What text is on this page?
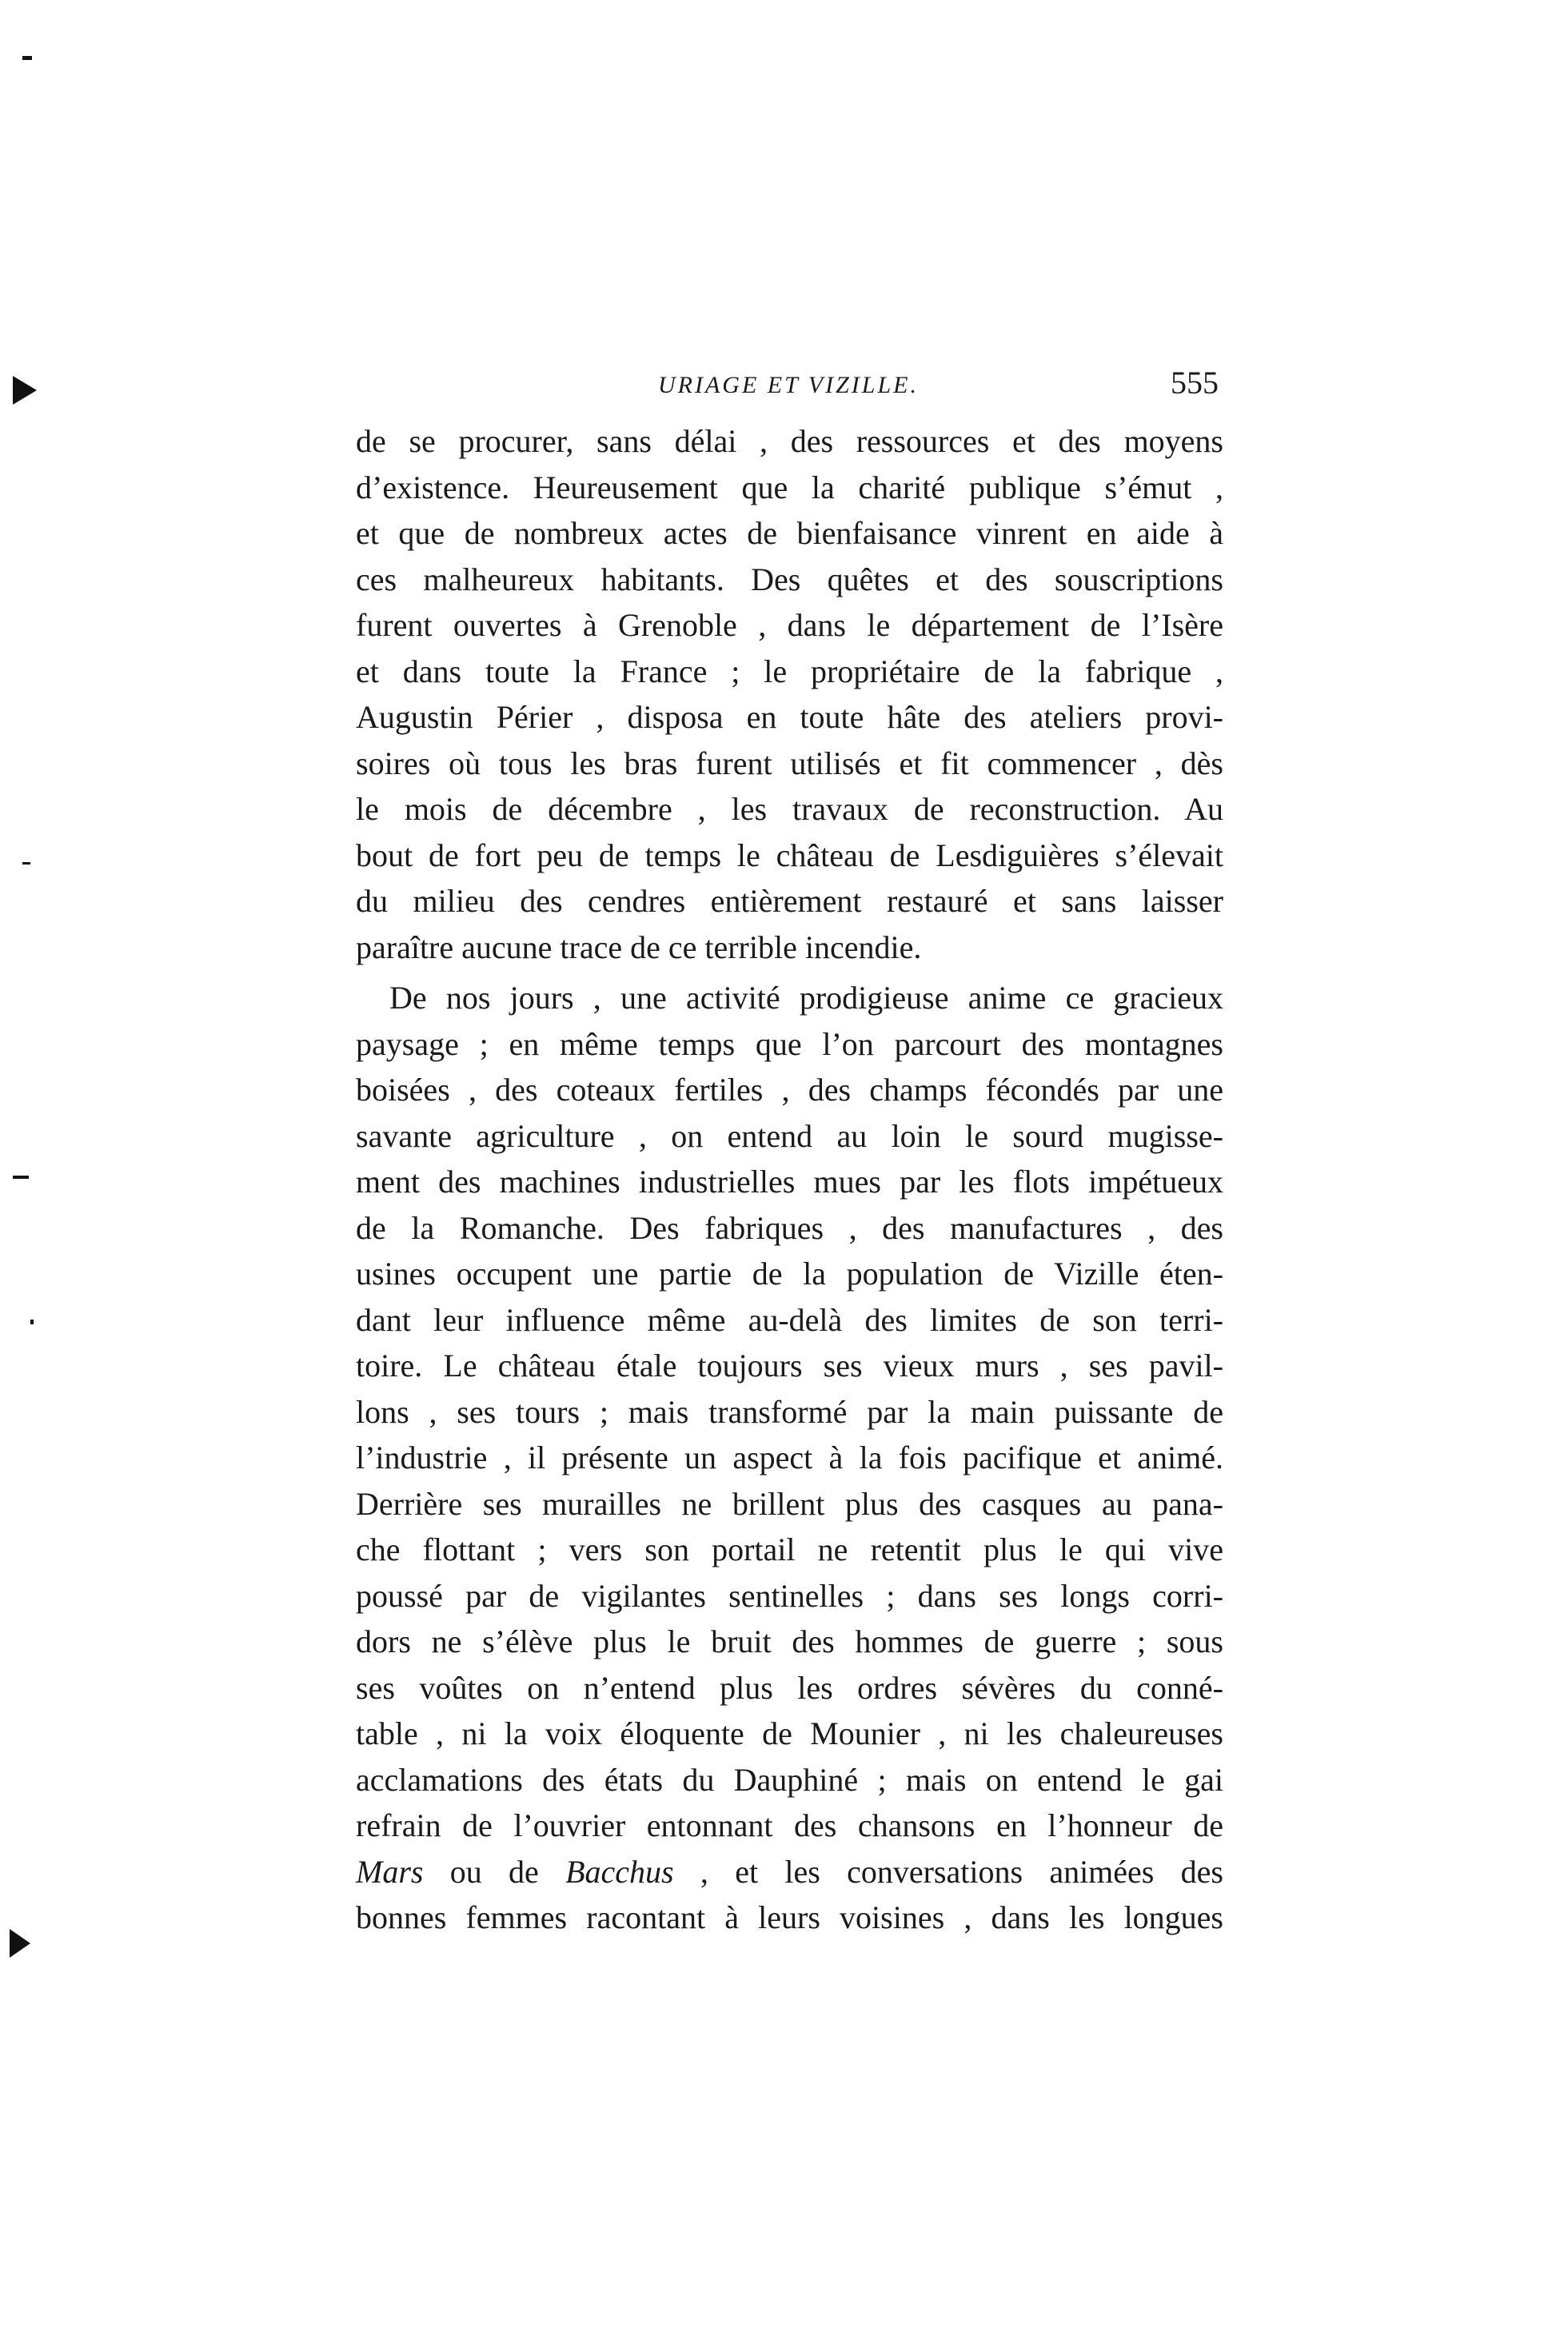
URIAGE ET VIZILLE.	555
de se procurer, sans délai , des ressources et des moyens
d’existence. Heureusement que la charité publique s’émut ,
et que de nombreux actes de bienfaisance vinrent en aide à
ces malheureux habitants. Des quêtes et des souscriptions
furent ouvertes à Grenoble , dans le département de l’Isère
et dans toute la France ; le propriétaire de la fabrique ,
Augustin Périer , disposa en toute hâte des ateliers provi-
soires où tous les bras furent utilisés et fit commencer , dès
le mois de décembre , les travaux de reconstruction. Au
bout de fort peu de temps le château de Lesdiguières s’élevait
du milieu des cendres entièrement restauré et sans laisser
paraître aucune trace de ce terrible incendie.
De nos jours , une activité prodigieuse anime ce gracieux
paysage ; en même temps que l’on parcourt des montagnes
boisées , des coteaux fertiles , des champs fécondés par une
savante agriculture , on entend au loin le sourd mugisse-
ment des machines industrielles mues par les flots impétueux
de la Romanche. Des fabriques , des manufactures , des
usines occupent une partie de la population de Vizille éten-
dant leur influence même au-delà des limites de son terri-
toire. Le château étale toujours ses vieux murs , ses pavil-
lons , ses tours ; mais transformé par la main puissante de
l’industrie , il présente un aspect à la fois pacifique et animé.
Derrière ses murailles ne brillent plus des casques au pana-
che flottant ; vers son portail ne retentit plus le qui vive
poussé par de vigilantes sentinelles ; dans ses longs corri-
dors ne s’élève plus le bruit des hommes de guerre ; sous
ses voûtes on n’entend plus les ordres sévères du conné-
table , ni la voix éloquente de Mounier , ni les chaleureuses
acclamations des états du Dauphiné ; mais on entend le gai
refrain de l’ouvrier entonnant des chansons en l’honneur de
Mars ou de Bacchus , et les conversations animées des
bonnes femmes racontant à leurs voisines , dans les longues
